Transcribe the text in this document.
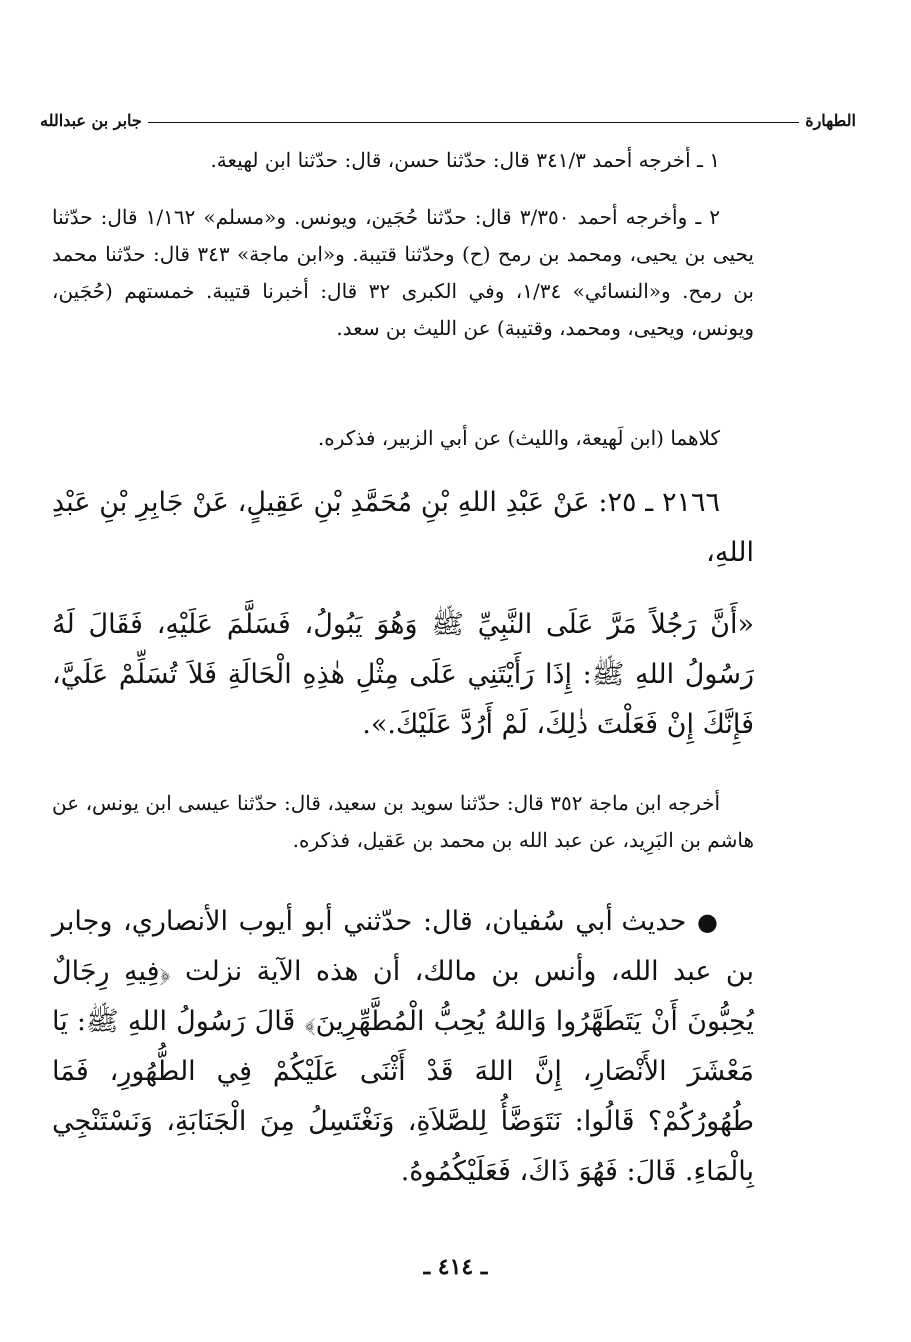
الطهارة
جابر بن عبدالله

١ ـ أخرجه أحمد ٣٤١/٣ قال: حدّثنا حسن، قال: حدّثنا ابن لهيعة.

٢ ـ وأخرجه أحمد ٣/٣٥٠ قال: حدّثنا حُجَين، ويونس. و«مسلم» ١/١٦٢ قال: حدّثنا يحيى بن يحيى، ومحمد بن رمح (ح) وحدّثنا قتيبة. و«ابن ماجة» ٣٤٣ قال: حدّثنا محمد بن رمح. و«النسائي» ١/٣٤، وفي الكبرى ٣٢ قال: أخبرنا قتيبة. خمستهم (حُجَين، ويونس، ويحيى، ومحمد، وقتيبة) عن الليث بن سعد.

كلاهما (ابن لَهيعة، والليث) عن أبي الزبير، فذكره.

٢١٦٦ ـ ٢٥: عَنْ عَبْدِ اللهِ بْنِ مُحَمَّدِ بْنِ عَقِيلٍ، عَنْ جَابِرِ بْنِ عَبْدِ اللهِ،

«أَنَّ رَجُلاً مَرَّ عَلَى النَّبِيِّ ﷺ وَهُوَ يَبُولُ، فَسَلَّمَ عَلَيْهِ، فَقَالَ لَهُ رَسُولُ اللهِ ﷺ: إِذَا رَأَيْتَنِي عَلَى مِثْلِ هٰذِهِ الْحَالَةِ فَلاَ تُسَلِّمْ عَلَيَّ، فَإِنَّكَ إِنْ فَعَلْتَ ذٰلِكَ، لَمْ أَرُدَّ عَلَيْكَ.».

أخرجه ابن ماجة ٣٥٢ قال: حدّثنا سويد بن سعيد، قال: حدّثنا عيسى ابن يونس، عن هاشم بن البَرِيد، عن عبد الله بن محمد بن عَقيل، فذكره.

● حديث أبي سُفيان، قال: حدّثني أبو أيوب الأنصاري، وجابر بن عبد الله، وأنس بن مالك، أن هذه الآية نزلت ﴿فِيهِ رِجَالٌ يُحِبُّونَ أَنْ يَتَطَهَّرُوا وَاللهُ يُحِبُّ الْمُطَّهِّرِينَ﴾ قَالَ رَسُولُ اللهِ ﷺ: يَا مَعْشَرَ الأَنْصَارِ، إِنَّ اللهَ قَدْ أَثْنَى عَلَيْكُمْ فِي الطُّهُورِ، فَمَا طُهُورُكُمْ؟ قَالُوا: نَتَوَضَّأُ لِلصَّلاَةِ، وَنَغْتَسِلُ مِنَ الْجَنَابَةِ، وَنَسْتَنْجِي بِالْمَاءِ. قَالَ: فَهُوَ ذَاكَ، فَعَلَيْكُمُوهُ.

ـ ٤١٤ ـ
